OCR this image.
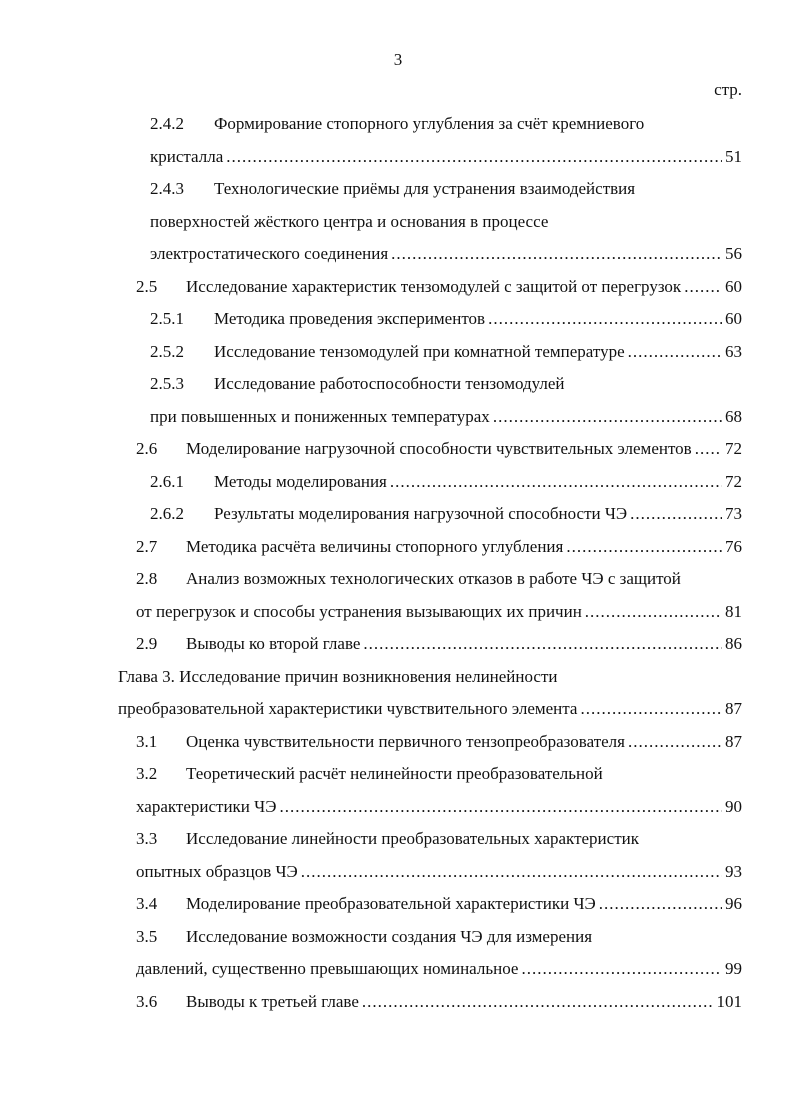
3
стр.
2.4.2	Формирование стопорного углубления за счёт кремниевого
кристалла .....	51
2.4.3	Технологические приёмы для устранения взаимодействия
поверхностей жёсткого центра и основания в процессе
электростатического соединения .....	56
2.5	Исследование характеристик тензомодулей с защитой от перегрузок .....	60
2.5.1	Методика проведения экспериментов .....	60
2.5.2	Исследование тензомодулей при комнатной температуре .....	63
2.5.3	Исследование работоспособности тензомодулей
при повышенных и пониженных температурах .....	68
2.6	Моделирование нагрузочной способности чувствительных элементов ..... 72
2.6.1	Методы моделирования .....	72
2.6.2	Результаты моделирования нагрузочной способности ЧЭ .....	73
2.7	Методика расчёта величины стопорного углубления .....	76
2.8	Анализ возможных технологических отказов в работе ЧЭ с защитой
от перегрузок и способы устранения вызывающих их причин .....	81
2.9	Выводы ко второй главе .....	86
Глава 3. Исследование причин возникновения нелинейности
преобразовательной характеристики чувствительного элемента .....	87
3.1	Оценка чувствительности первичного тензопреобразователя .....	87
3.2	Теоретический расчёт нелинейности преобразовательной
характеристики ЧЭ .....	90
3.3	Исследование линейности преобразовательных характеристик
опытных образцов ЧЭ .....	93
3.4	Моделирование преобразовательной характеристики ЧЭ .....	96
3.5	Исследование возможности создания ЧЭ для измерения
давлений, существенно превышающих номинальное .....	99
3.6	Выводы к третьей главе .....	101
